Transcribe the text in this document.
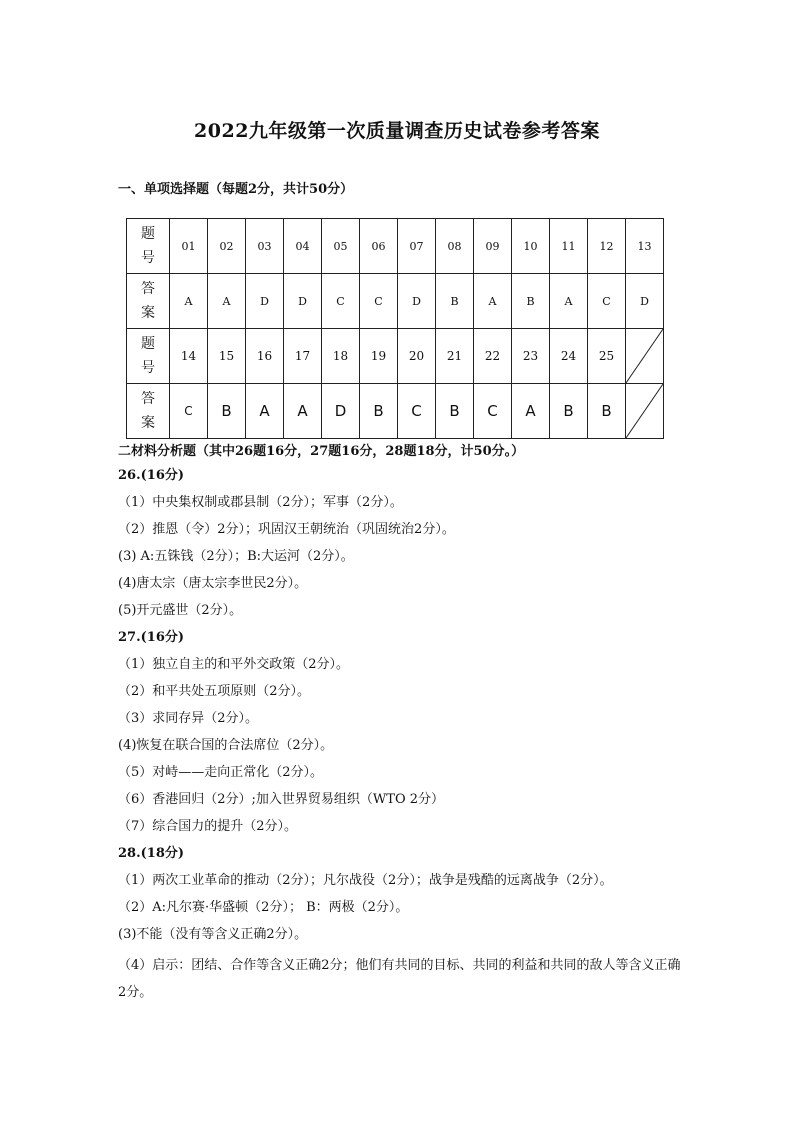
2022九年级第一次质量调查历史试卷参考答案
一、单项选择题（每题2分，共计50分）
题
号	01	02	03	04	05	06	07	08	09	10	11	12	13
答
案	A	A	D	D	C	C	D	B	A	B	A	C	D
题
号	14	15	16	17	18	19	20	21	22	23	24	25	

答
案	C	B	A	A	D	B	C	B	C	A	B	B	
二材料分析题（其中26题16分，27题16分，28题18分，计50分。）
26.(16分)
（1）中央集权制或郡县制（2分）；军事（2分）。
（2）推恩（令）2分）；巩固汉王朝统治（巩固统治2分）。
(3) A:五铢钱（2分）；B:大运河（2分）。
(4)唐太宗（唐太宗李世民2分）。
(5)开元盛世（2分）。
27.(16分)
（1）独立自主的和平外交政策（2分）。
（2）和平共处五项原则（2分）。
（3）求同存异（2分）。
(4)恢复在联合国的合法席位（2分）。
（5）对峙——走向正常化（2分）。
（6）香港回归（2分）;加入世界贸易组织（WTO 2分）
（7）综合国力的提升（2分）。
28.(18分)
（1）两次工业革命的推动（2分）；凡尔战役（2分）；战争是残酷的远离战争（2分）。
（2）A:凡尔赛·华盛顿（2分）； B：两极（2分）。
(3)不能（没有等含义正确2分）。
（4）启示：团结、合作等含义正确2分；他们有共同的目标、共同的利益和共同的敌人等含义正确2分。
